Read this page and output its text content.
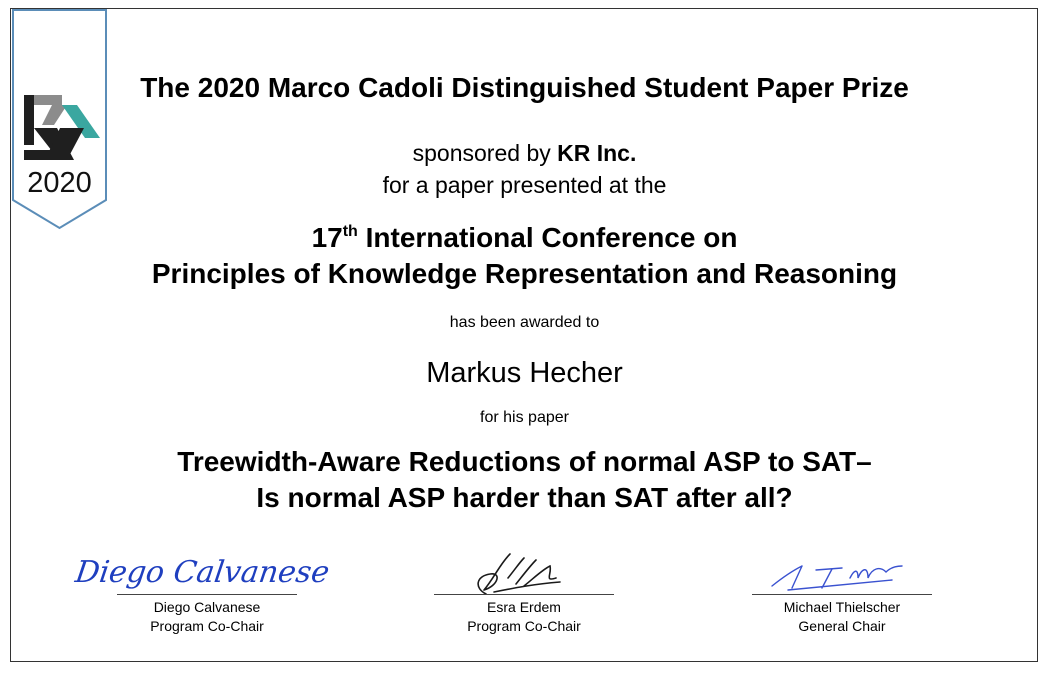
2020
The 2020 Marco Cadoli Distinguished Student Paper Prize
sponsored by KR Inc.
for a paper presented at the
17th International Conference on
Principles of Knowledge Representation and Reasoning
has been awarded to
Markus Hecher
for his paper
Treewidth-Aware Reductions of normal ASP to SAT–
Is normal ASP harder than SAT after all?
Diego Calvanese
Diego Calvanese
Program Co-Chair
Esra Erdem
Program Co-Chair
Michael Thielscher
General Chair
